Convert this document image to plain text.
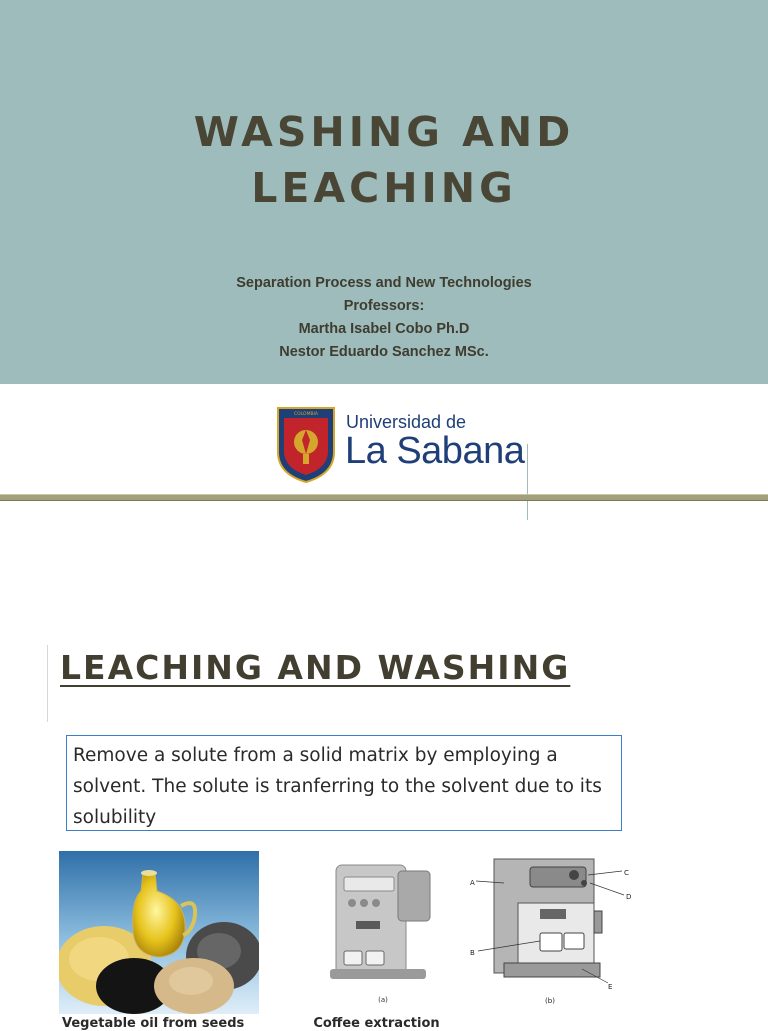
WASHING AND
LEACHING
Separation Process and New Technologies
Professors:
Martha Isabel Cobo Ph.D
Nestor Eduardo Sanchez MSc.
COLOMBIA Universidad de
La Sabana
LEACHING AND WASHING
Remove a solute from a solid matrix by employing a solvent. The solute is tranferring to the solvent due to its solubility
(a)
A
B
C
D
E
(b)
Vegetable oil from seeds	Coffee extraction
